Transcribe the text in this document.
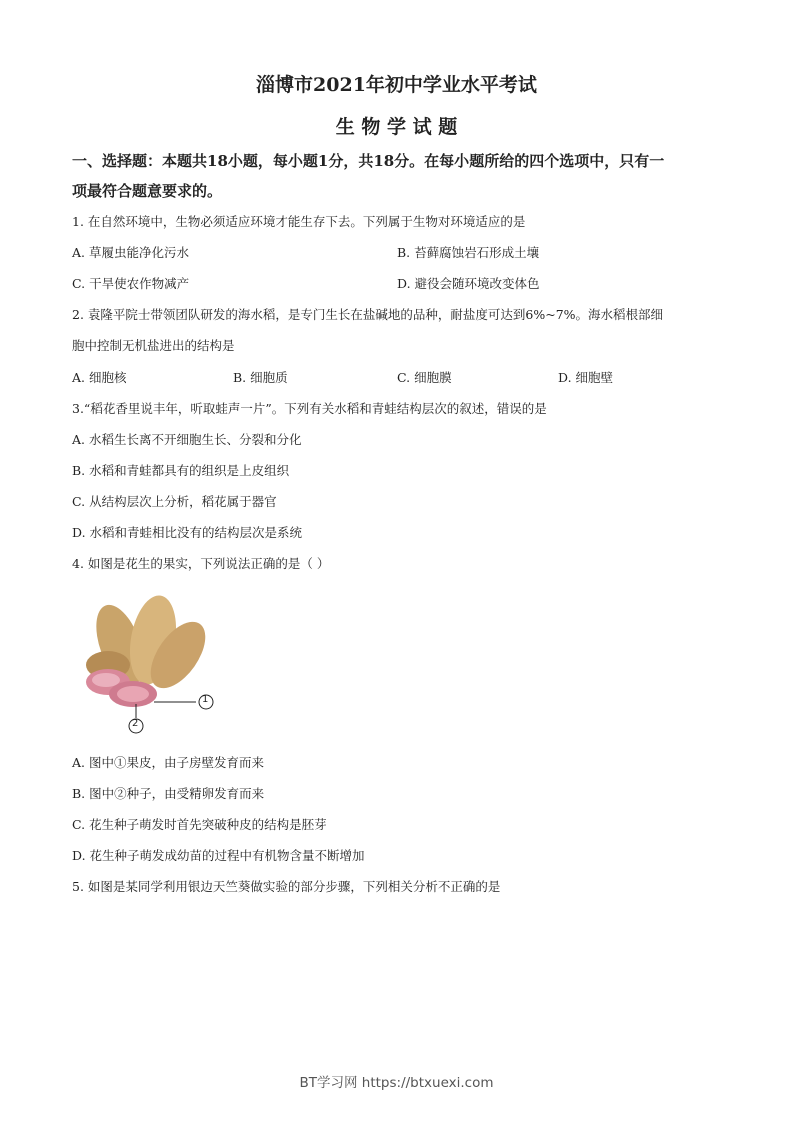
淄博市2021年初中学业水平考试
生 物 学 试 题
一、选择题：本题共18小题，每小题1分，共18分。在每小题所给的四个选项中，只有一
项最符合题意要求的。
1. 在自然环境中，生物必须适应环境才能生存下去。下列属于生物对环境适应的是
A. 草履虫能净化污水	B. 苔藓腐蚀岩石形成土壤
C. 干旱使农作物减产	D. 避役会随环境改变体色
2. 袁隆平院士带领团队研发的海水稻，是专门生长在盐碱地的品种，耐盐度可达到6%~7%。海水稻根部细
胞中控制无机盐进出的结构是
A. 细胞核	B. 细胞质	C. 细胞膜	D. 细胞壁
3.“稻花香里说丰年，听取蛙声一片”。下列有关水稻和青蛙结构层次的叙述，错误的是
A. 水稻生长离不开细胞生长、分裂和分化
B. 水稻和青蛙都具有的组织是上皮组织
C. 从结构层次上分析，稻花属于器官
D. 水稻和青蛙相比没有的结构层次是系统
4. 如图是花生的果实，下列说法正确的是（ ）
1
2
A. 图中①果皮，由子房壁发育而来
B. 图中②种子，由受精卵发育而来
C. 花生种子萌发时首先突破种皮的结构是胚芽
D. 花生种子萌发成幼苗的过程中有机物含量不断增加
5. 如图是某同学利用银边天竺葵做实验的部分步骤，下列相关分析不正确的是
BT学习网 https://btxuexi.com
